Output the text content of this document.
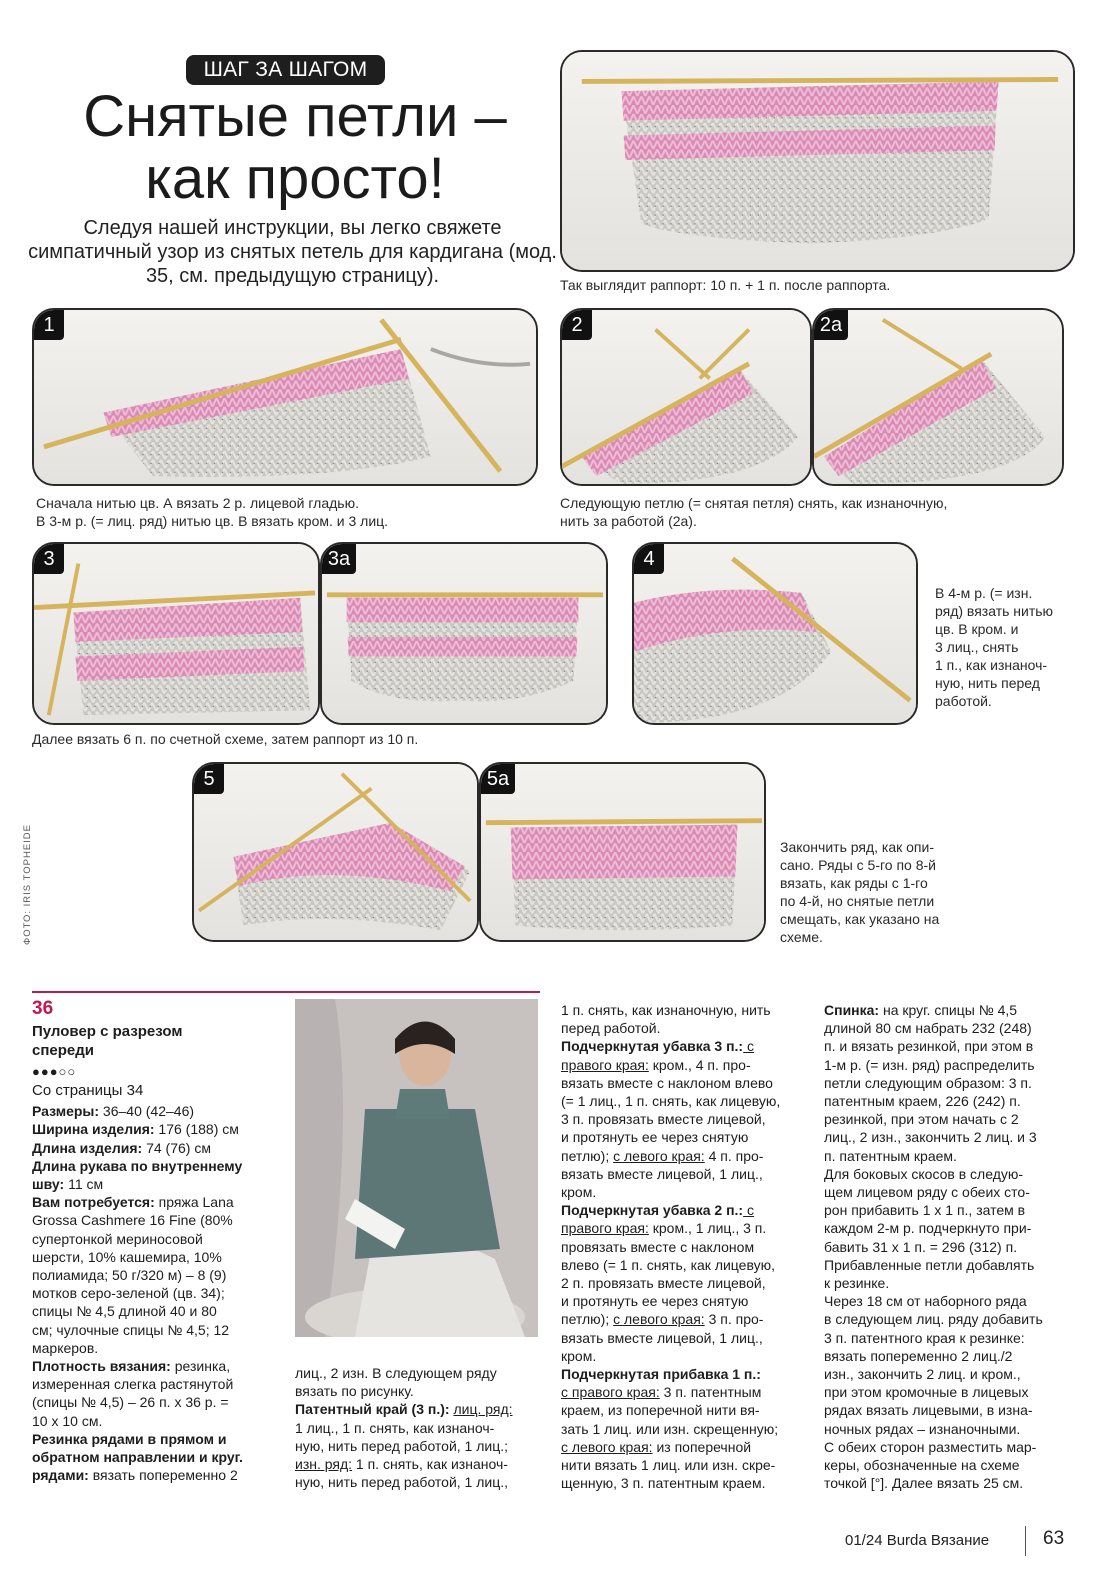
ШАГ ЗА ШАГОМ
Снятые петли –
как просто!

Следуя нашей инструкции, вы легко свяжете симпатичный узор из снятых петель для кардигана (мод. 35, см. предыдущую страницу).	Так выглядит раппорт: 10 п. + 1 п. после раппорта.

1	2	2a

Сначала нитью цв. А вязать 2 р. лицевой гладью.
В 3-м р. (= лиц. ряд) нитью цв. В вязать кром. и 3 лиц.

Следующую петлю (= снятая петля) снять, как изнаночную,
нить за работой (2а).

3	3a	4

В 4-м р. (= изн.
ряд) вязать нитью
цв. В кром. и
3 лиц., снять
1 п., как изнаноч-
ную, нить перед
работой.

Далее вязать 6 п. по счетной схеме, затем раппорт из 10 п.

5	5a

Закончить ряд, как опи-
сано. Ряды с 5-го по 8-й
вязать, как ряды с 1-го
по 4-й, но снятые петли
смещать, как указано на
схеме.

ФОТО: IRIS TOPHEIDE
36

Пуловер с разрезом
спереди

●●●○○

Со страницы 34

Размеры: 36–40 (42–46)
Ширина изделия: 176 (188) см
Длина изделия: 74 (76) см
Длина рукава по внутреннему
шву: 11 см
Вам потребуется: пряжа Lana
Grossa Cashmere 16 Fine (80%
супертонкой мериносовой
шерсти, 10% кашемира, 10%
полиамида; 50 г/320 м) – 8 (9)
мотков серо-зеленой (цв. 34);
спицы № 4,5 длиной 40 и 80
см; чулочные спицы № 4,5; 12
маркеров.
Плотность вязания: резинка,
измеренная слегка растянутой
(спицы № 4,5) – 26 п. х 36 р. =
10 х 10 см.
Резинка рядами в прямом и
обратном направлении и круг.
рядами: вязать попеременно 2

лиц., 2 изн. В следующем ряду
вязать по рисунку.
Патентный край (3 п.): лиц. ряд:
1 лиц., 1 п. снять, как изнаноч-
ную, нить перед работой, 1 лиц.;
изн. ряд: 1 п. снять, как изнаноч-
ную, нить перед работой, 1 лиц.,

1 п. снять, как изнаночную, нить
перед работой.
Подчеркнутая убавка 3 п.: с
правого края: кром., 4 п. про-
вязать вместе с наклоном влево
(= 1 лиц., 1 п. снять, как лицевую,
3 п. провязать вместе лицевой,
и протянуть ее через снятую
петлю); с левого края: 4 п. про-
вязать вместе лицевой, 1 лиц.,
кром.
Подчеркнутая убавка 2 п.: с
правого края: кром., 1 лиц., 3 п.
провязать вместе с наклоном
влево (= 1 п. снять, как лицевую,
2 п. провязать вместе лицевой,
и протянуть ее через снятую
петлю); с левого края: 3 п. про-
вязать вместе лицевой, 1 лиц.,
кром.
Подчеркнутая прибавка 1 п.:
с правого края: 3 п. патентным
краем, из поперечной нити вя-
зать 1 лиц. или изн. скрещенную;
с левого края: из поперечной
нити вязать 1 лиц. или изн. скре-
щенную, 3 п. патентным краем.

Спинка: на круг. спицы № 4,5
длиной 80 см набрать 232 (248)
п. и вязать резинкой, при этом в
1-м р. (= изн. ряд) распределить
петли следующим образом: 3 п.
патентным краем, 226 (242) п.
резинкой, при этом начать с 2
лиц., 2 изн., закончить 2 лиц. и 3
п. патентным краем.
Для боковых скосов в следую-
щем лицевом ряду с обеих сто-
рон прибавить 1 х 1 п., затем в
каждом 2-м р. подчеркнуто при-
бавить 31 х 1 п. = 296 (312) п.
Прибавленные петли добавлять
к резинке.
Через 18 см от наборного ряда
в следующем лиц. ряду добавить
3 п. патентного края к резинке:
вязать попеременно 2 лиц./2
изн., закончить 2 лиц. и кром.,
при этом кромочные в лицевых
рядах вязать лицевыми, в изна-
ночных рядах – изнаночными.
С обеих сторон разместить мар-
керы, обозначенные на схеме
точкой [°]. Далее вязать 25 см.

01/24 Burda Вязание	63
